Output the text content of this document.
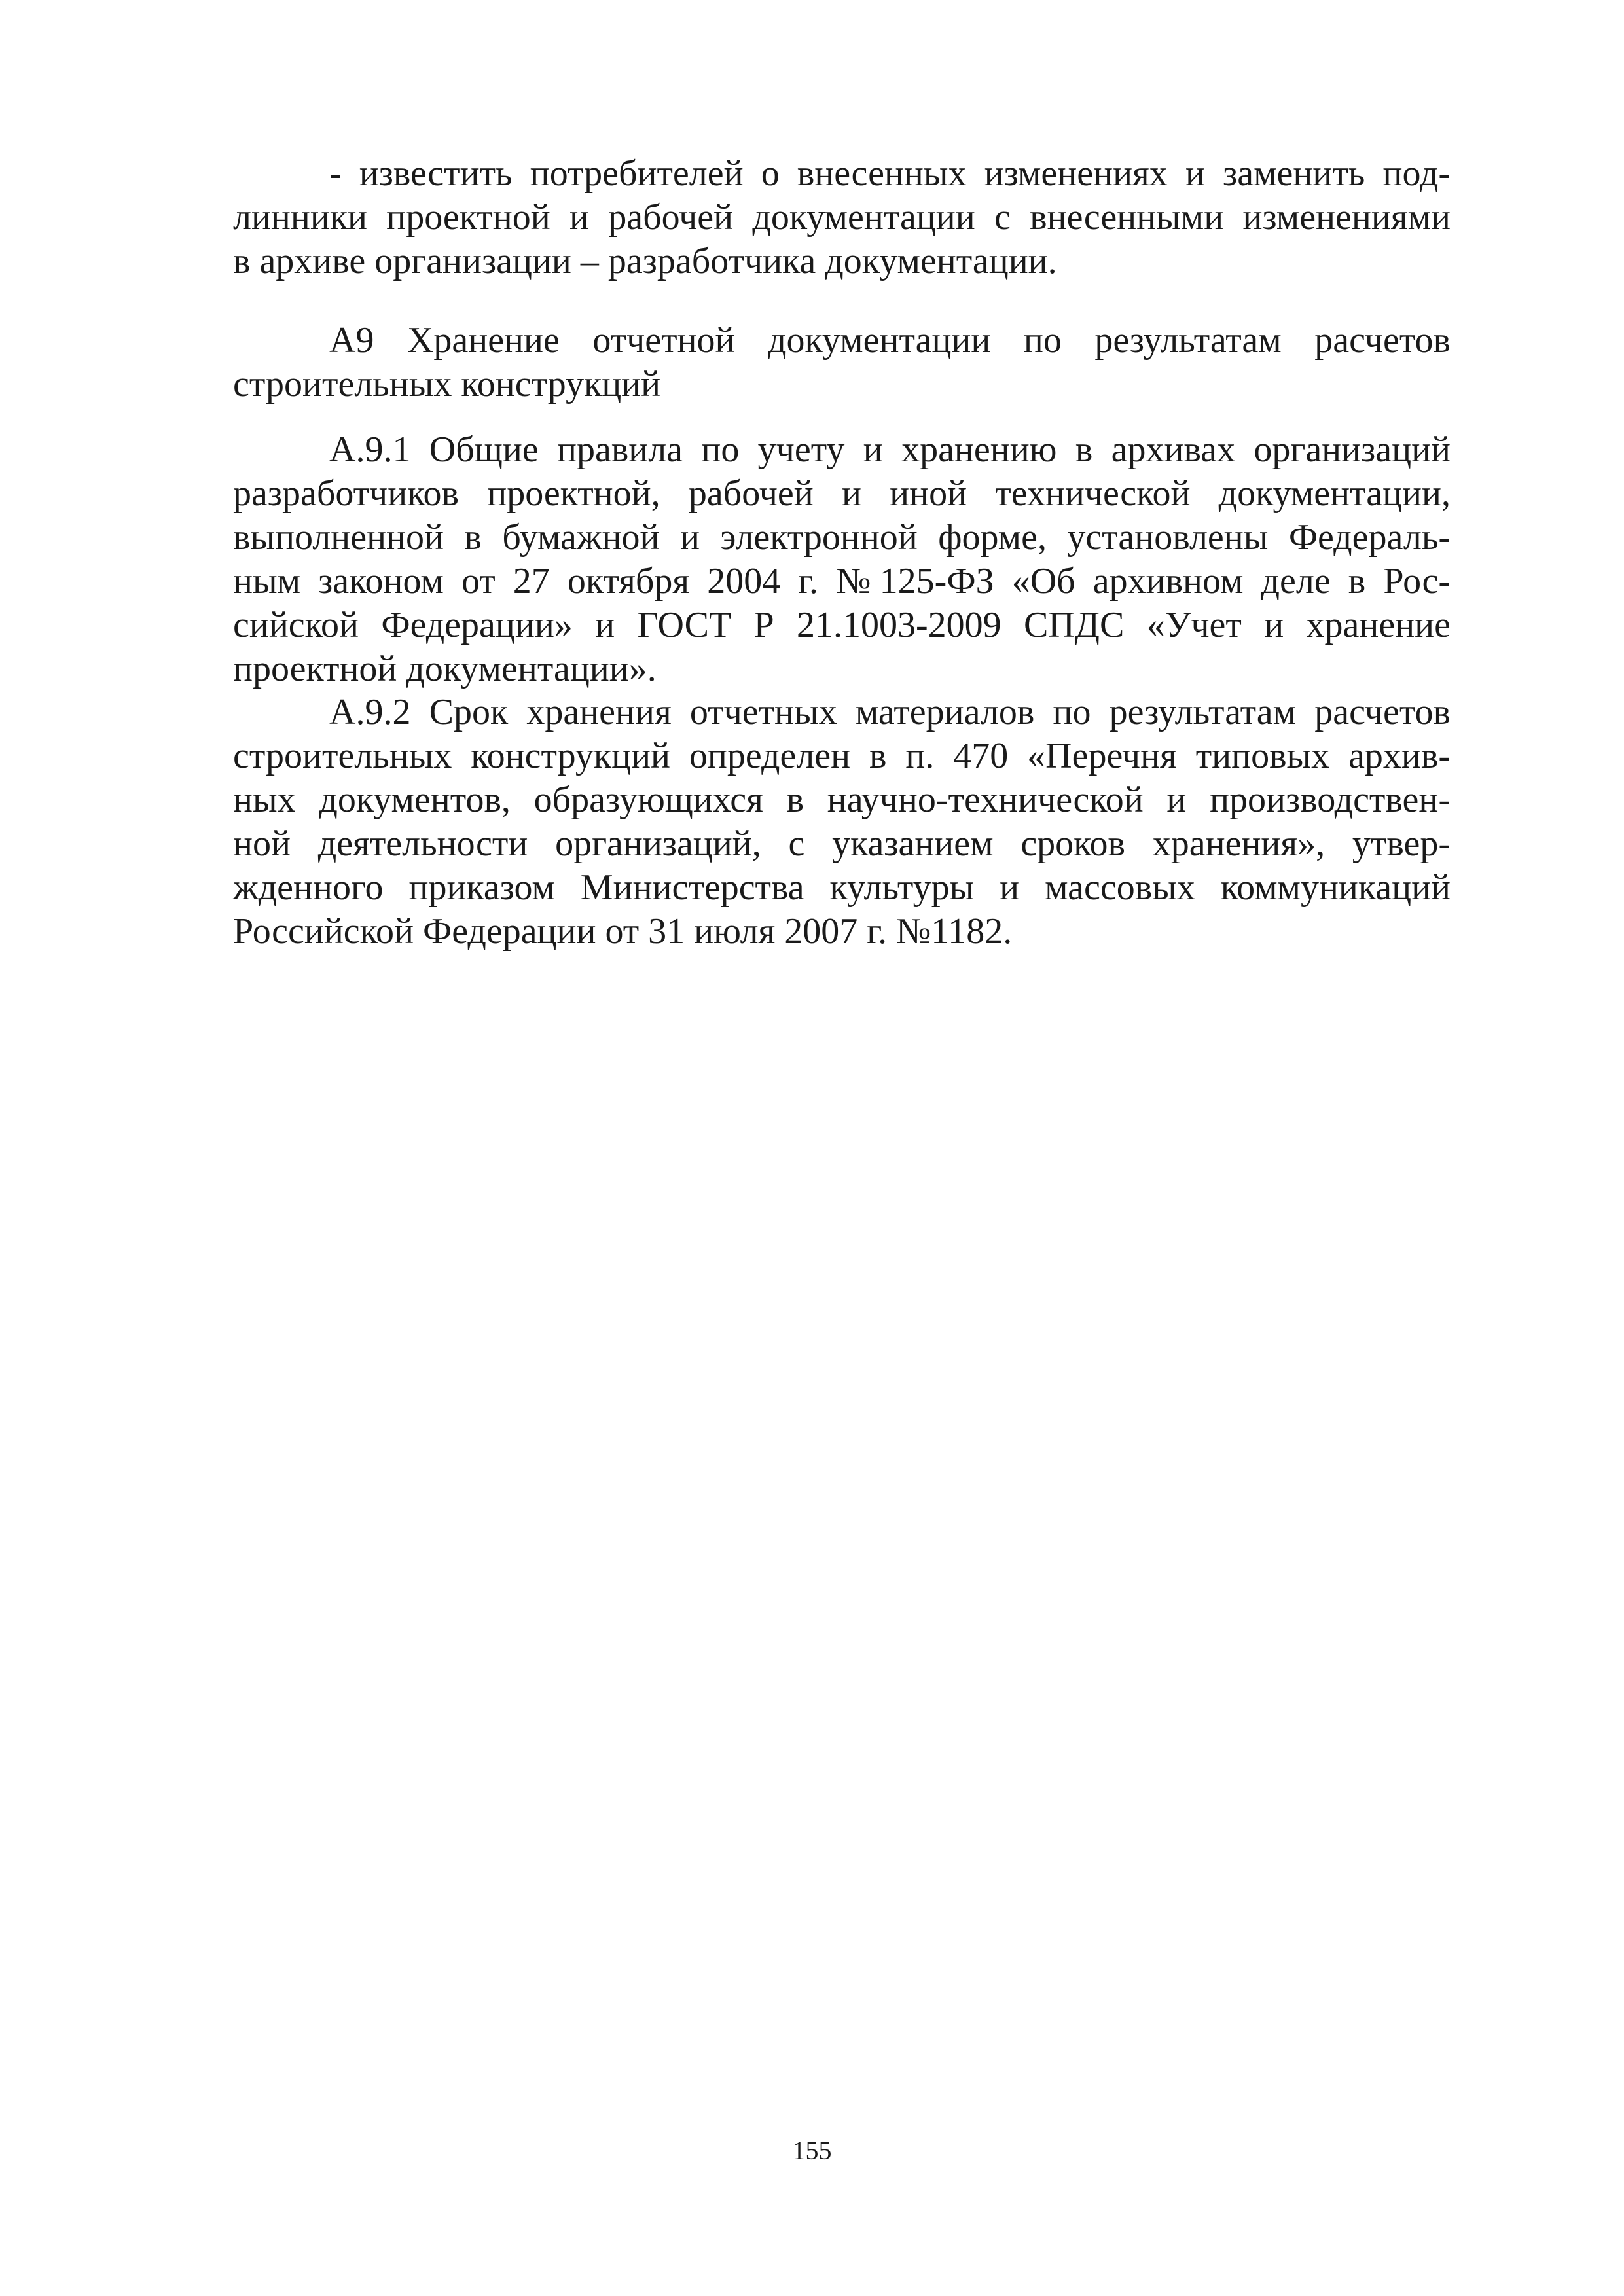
- известить потребителей о внесенных изменениях и заменить под-
линники проектной и рабочей документации с внесенными изменениями
в архиве организации – разработчика документации.
А9 Хранение отчетной документации по результатам расчетов
строительных конструкций
А.9.1 Общие правила по учету и хранению в архивах организаций
разработчиков проектной, рабочей и иной технической документации,
выполненной в бумажной и электронной форме, установлены Федераль-
ным законом от 27 октября 2004 г. №125-ФЗ «Об архивном деле в Рос-
сийской Федерации» и ГОСТ Р 21.1003-2009 СПДС «Учет и хранение
проектной документации».
А.9.2 Срок хранения отчетных материалов по результатам расчетов
строительных конструкций определен в п. 470 «Перечня типовых архив-
ных документов, образующихся в научно-технической и производствен-
ной деятельности организаций, с указанием сроков хранения», утвер-
жденного приказом Министерства культуры и массовых коммуникаций
Российской Федерации от 31 июля 2007 г. №1182.
155
